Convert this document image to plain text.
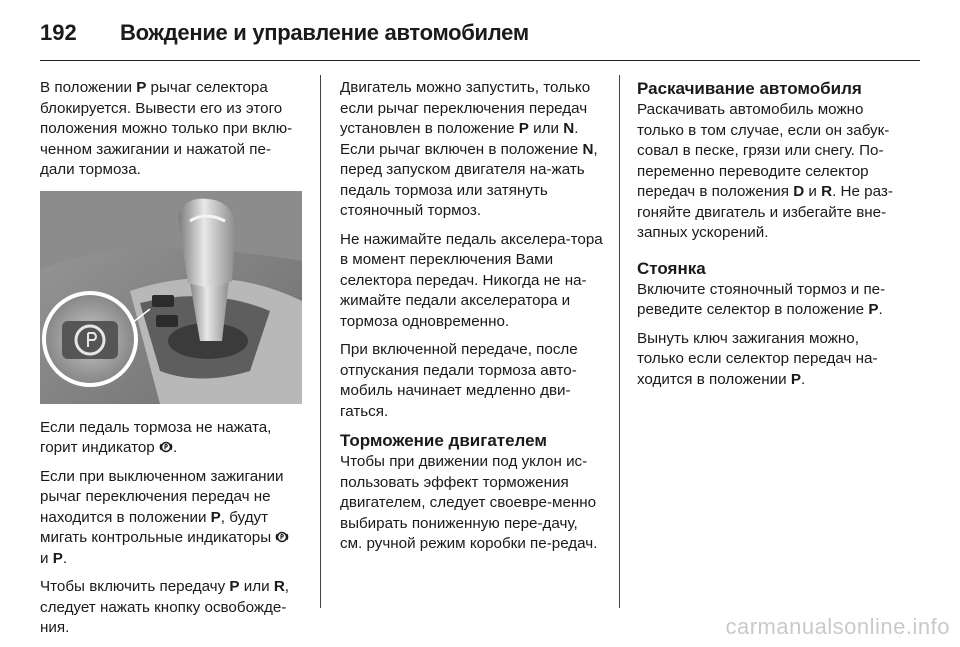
192 Вождение и управление автомобилем

В положении P рычаг селектора блокируется. Вывести его из этого положения можно только при вклю-ченном зажигании и нажатой пе-дали тормоза.

Если педаль тормоза не нажата, горит индикатор .

Если при выключенном зажигании рычаг переключения передач не находится в положении P, будут мигать контрольные индикаторы  и P.

Чтобы включить передачу P или R, следует нажать кнопку освобожде-ния.

Двигатель можно запустить, только если рычаг переключения передач установлен в положение P или N. Если рычаг включен в положение N, перед запуском двигателя на-жать педаль тормоза или затянуть стояночный тормоз.

Не нажимайте педаль акселера-тора в момент переключения Вами селектора передач. Никогда не на-жимайте педали акселератора и тормоза одновременно.

При включенной передаче, после отпускания педали тормоза авто-мобиль начинает медленно дви-гаться.

Торможение двигателем

Чтобы при движении под уклон ис-пользовать эффект торможения двигателем, следует своевре-менно выбирать пониженную пере-дачу, см. ручной режим коробки пе-редач.

Раскачивание автомобиля

Раскачивать автомобиль можно только в том случае, если он забук-совал в песке, грязи или снегу. По-переменно переводите селектор передач в положения D и R. Не раз-гоняйте двигатель и избегайте вне-запных ускорений.

Стоянка

Включите стояночный тормоз и пе-реведите селектор в положение P.

Вынуть ключ зажигания можно, только если селектор передач на-ходится в положении P.

carmanualsonline.info
